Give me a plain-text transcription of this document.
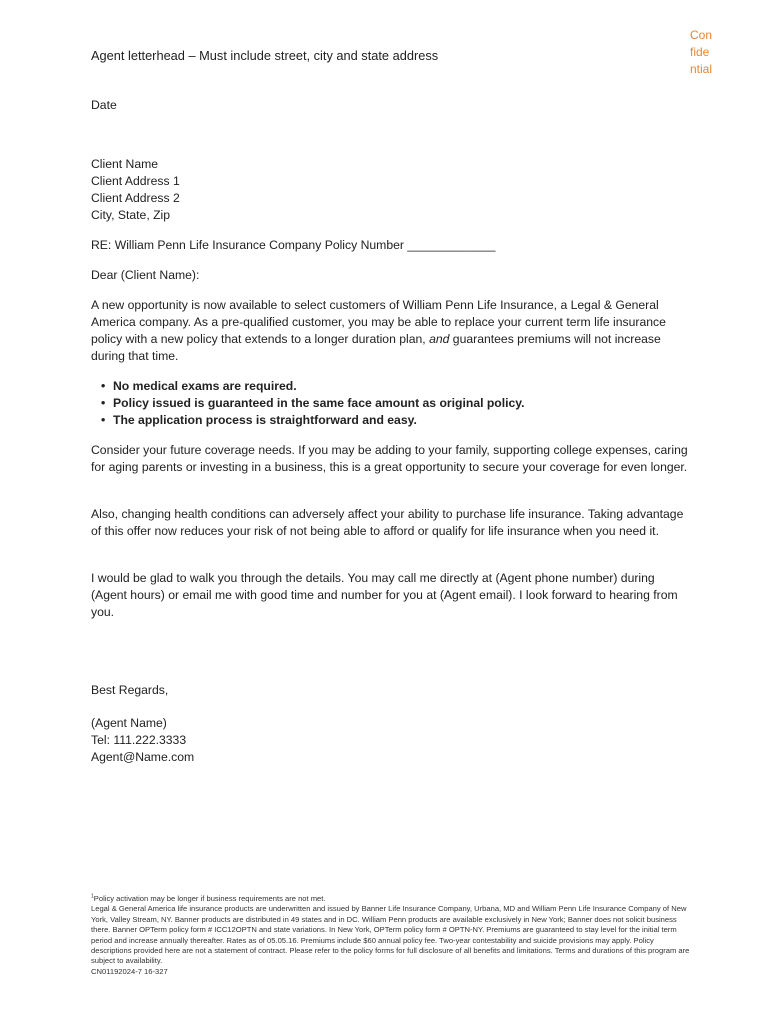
Confidential
Agent letterhead – Must include street, city and state address
Date
Client Name
Client Address 1
Client Address 2
City, State, Zip
RE: William Penn Life Insurance Company Policy Number _____________
Dear (Client Name):
A new opportunity is now available to select customers of William Penn Life Insurance, a Legal & General America company. As a pre-qualified customer, you may be able to replace your current term life insurance policy with a new policy that extends to a longer duration plan, and guarantees premiums will not increase during that time.
• No medical exams are required.
• Policy issued is guaranteed in the same face amount as original policy.
• The application process is straightforward and easy.
Consider your future coverage needs. If you may be adding to your family, supporting college expenses, caring for aging parents or investing in a business, this is a great opportunity to secure your coverage for even longer.
Also, changing health conditions can adversely affect your ability to purchase life insurance. Taking advantage of this offer now reduces your risk of not being able to afford or qualify for life insurance when you need it.
I would be glad to walk you through the details. You may call me directly at (Agent phone number) during (Agent hours) or email me with good time and number for you at (Agent email). I look forward to hearing from you.
Best Regards,
(Agent Name)
Tel: 111.222.3333
Agent@Name.com
$^1$Policy activation may be longer if business requirements are not met.
Legal & General America life insurance products are underwritten and issued by Banner Life Insurance Company, Urbana, MD and William Penn Life Insurance Company of New York, Valley Stream, NY. Banner products are distributed in 49 states and in DC. William Penn products are available exclusively in New York; Banner does not solicit business there. Banner OPTerm policy form # ICC12OPTN and state variations. In New York, OPTerm policy form # OPTN-NY. Premiums are guaranteed to stay level for the initial term period and increase annually thereafter. Rates as of 05.05.16. Premiums include $60 annual policy fee. Two-year contestability and suicide provisions may apply. Policy descriptions provided here are not a statement of contract. Please refer to the policy forms for full disclosure of all benefits and limitations. Terms and durations of this program are subject to availability.
CN01192024-7 16-327
